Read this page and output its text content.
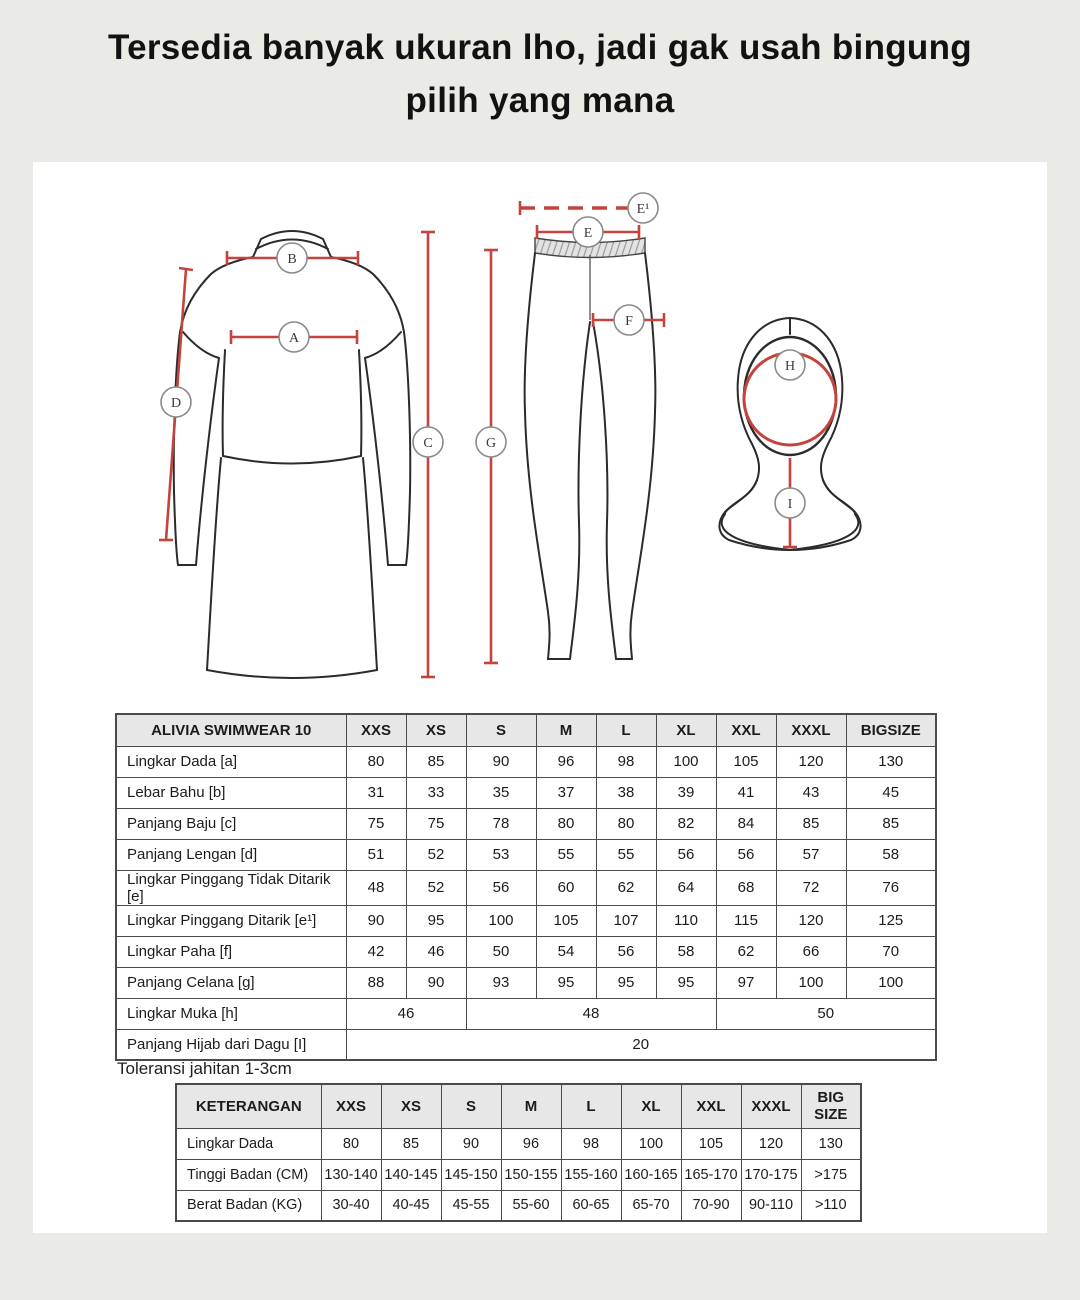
Tersedia banyak ukuran lho, jadi gak usah bingung
pilih yang mana
B
A
D
C	G
E¹
E
F
H
I
ALIVIA SWIMWEAR 10	XXS	XS	S	M	L	XL	XXL	XXXL	BIGSIZE
Lingkar Dada [a]	80	85	90	96	98	100	105	120	130
Lebar Bahu [b]	31	33	35	37	38	39	41	43	45
Panjang Baju [c]	75	75	78	80	80	82	84	85	85
Panjang Lengan [d]	51	52	53	55	55	56	56	57	58
Lingkar Pinggang Tidak Ditarik [e]	48	52	56	60	62	64	68	72	76
Lingkar Pinggang Ditarik [e¹]	90	95	100	105	107	110	115	120	125
Lingkar Paha [f]	42	46	50	54	56	58	62	66	70
Panjang Celana [g]	88	90	93	95	95	95	97	100	100
Lingkar Muka [h]	46		48				50		
Panjang Hijab dari Dagu [I]	20								
Toleransi jahitan 1-3cm
KETERANGAN	XXS	XS	S	M	L	XL	XXL	XXXL	BIG SIZE
Lingkar Dada	80	85	90	96	98	100	105	120	130
Tinggi Badan (CM)	130-140	140-145	145-150	150-155	155-160	160-165	165-170	170-175	>175
Berat Badan (KG)	30-40	40-45	45-55	55-60	60-65	65-70	70-90	90-110	>110
